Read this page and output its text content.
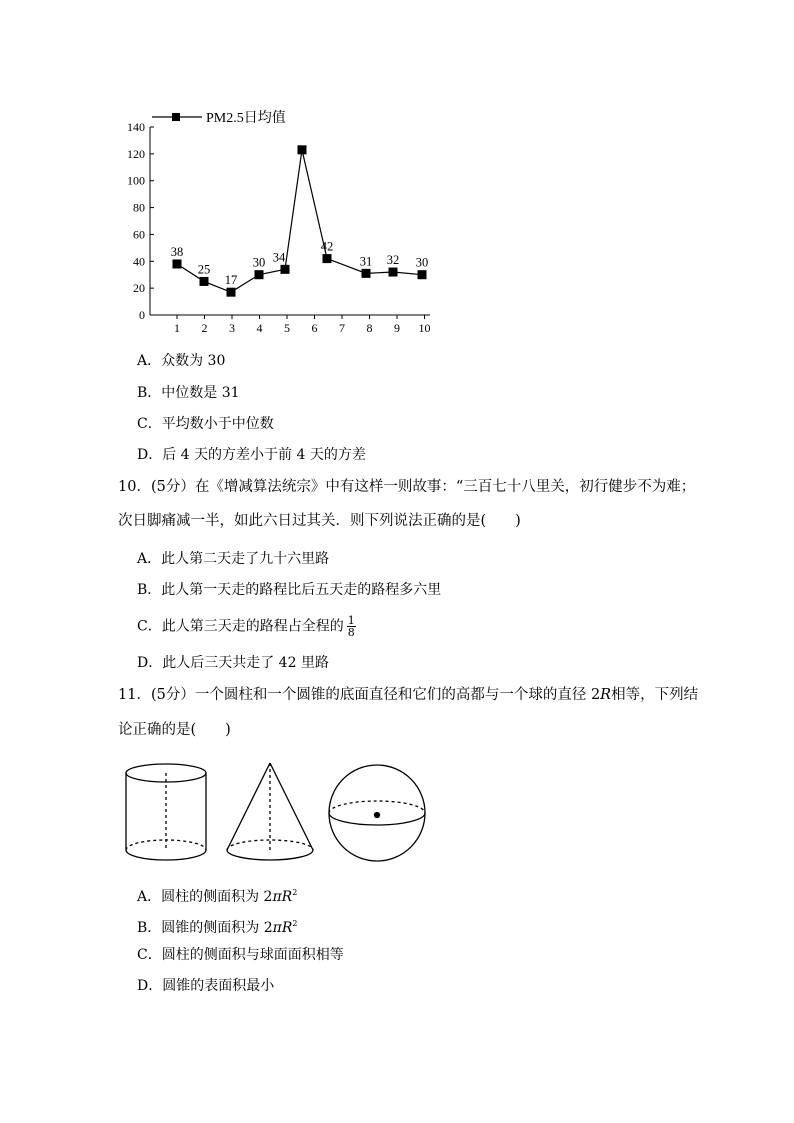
0
20
40
60
80
100
120
140
1 2 3 4 5 6 7 8 9 10
38
25
17
30 34
42
31 32 30
PM2.5日均值
A．众数为 30
B．中位数是 31
C．平均数小于中位数
D．后 4 天的方差小于前 4 天的方差
10．(5分）在《增减算法统宗》中有这样一则故事：“三百七十八里关，初行健步不为难；
次日脚痛减一半，如此六日过其关．则下列说法正确的是(　　)
A．此人第二天走了九十六里路
B．此人第一天走的路程比后五天走的路程多六里
C．此人第三天走的路程占全程的 $\frac{1}{8}$
D．此人后三天共走了 42 里路
11．(5分）一个圆柱和一个圆锥的底面直径和它们的高都与一个球的直径 2R相等，下列结
论正确的是(　　)
A．圆柱的侧面积为 $2\pi R^2$
B．圆锥的侧面积为 $2\pi R^2$
C．圆柱的侧面积与球面面积相等
D．圆锥的表面积最小
